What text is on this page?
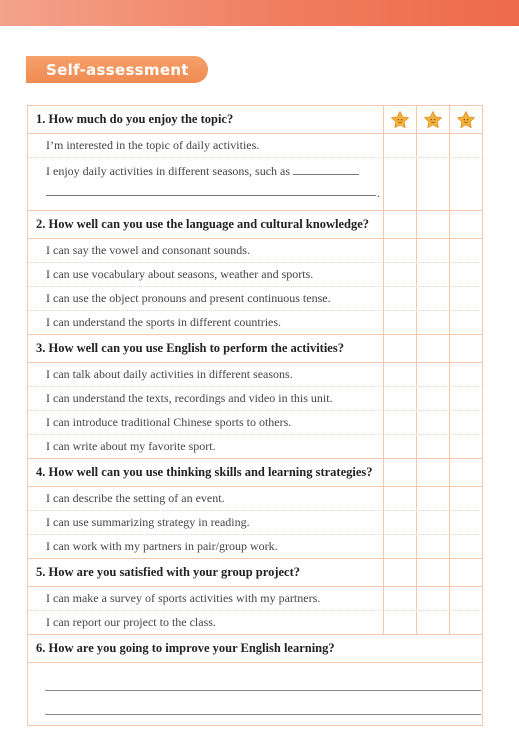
Self-assessment
1. How much do you enjoy the topic?
I’m interested in the topic of daily activities.
I enjoy daily activities in different seasons, such as
.
2. How well can you use the language and cultural knowledge?
I can say the vowel and consonant sounds.
I can use vocabulary about seasons, weather and sports.
I can use the object pronouns and present continuous tense.
I can understand the sports in different countries.
3. How well can you use English to perform the activities?
I can talk about daily activities in different seasons.
I can understand the texts, recordings and video in this unit.
I can introduce traditional Chinese sports to others.
I can write about my favorite sport.
4. How well can you use thinking skills and learning strategies?
I can describe the setting of an event.
I can use summarizing strategy in reading.
I can work with my partners in pair/group work.
5. How are you satisfied with your group project?
I can make a survey of sports activities with my partners.
I can report our project to the class.
6. How are you going to improve your English learning?
